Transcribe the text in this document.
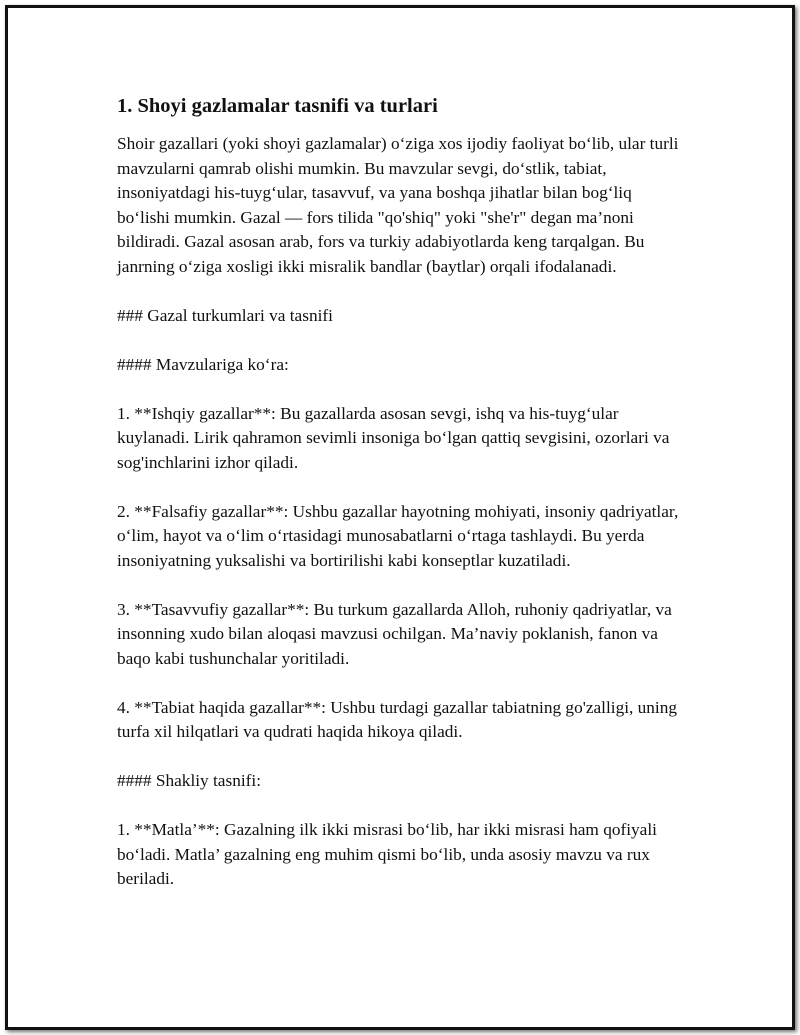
1. Shoyi gazlamalar tasnifi va turlari

Shoir gazallari (yoki shoyi gazlamalar) o‘ziga xos ijodiy faoliyat bo‘lib, ular turli mavzularni qamrab olishi mumkin. Bu mavzular sevgi, do‘stlik, tabiat, insoniyatdagi his-tuyg‘ular, tasavvuf, va yana boshqa jihatlar bilan bog‘liq bo‘lishi mumkin. Gazal — fors tilida "qo'shiq" yoki "she'r" degan ma’noni bildiradi. Gazal asosan arab, fors va turkiy adabiyotlarda keng tarqalgan. Bu janrning o‘ziga xosligi ikki misralik bandlar (baytlar) orqali ifodalanadi.

### Gazal turkumlari va tasnifi

#### Mavzulariga ko‘ra:

1. **Ishqiy gazallar**: Bu gazallarda asosan sevgi, ishq va his-tuyg‘ular kuylanadi. Lirik qahramon sevimli insoniga bo‘lgan qattiq sevgisini, ozorlari va sog'inchlarini izhor qiladi.

2. **Falsafiy gazallar**: Ushbu gazallar hayotning mohiyati, insoniy qadriyatlar, o‘lim, hayot va o‘lim o‘rtasidagi munosabatlarni o‘rtaga tashlaydi. Bu yerda insoniyatning yuksalishi va bortirilishi kabi konseptlar kuzatiladi.

3. **Tasavvufiy gazallar**: Bu turkum gazallarda Alloh, ruhoniy qadriyatlar, va insonning xudo bilan aloqasi mavzusi ochilgan. Ma’naviy poklanish, fanon va baqo kabi tushunchalar yoritiladi.

4. **Tabiat haqida gazallar**: Ushbu turdagi gazallar tabiatning go'zalligi, uning turfa xil hilqatlari va qudrati haqida hikoya qiladi.

#### Shakliy tasnifi:

1. **Matla’**: Gazalning ilk ikki misrasi bo‘lib, har ikki misrasi ham qofiyali bo‘ladi. Matla’ gazalning eng muhim qismi bo‘lib, unda asosiy mavzu va rux beriladi.
